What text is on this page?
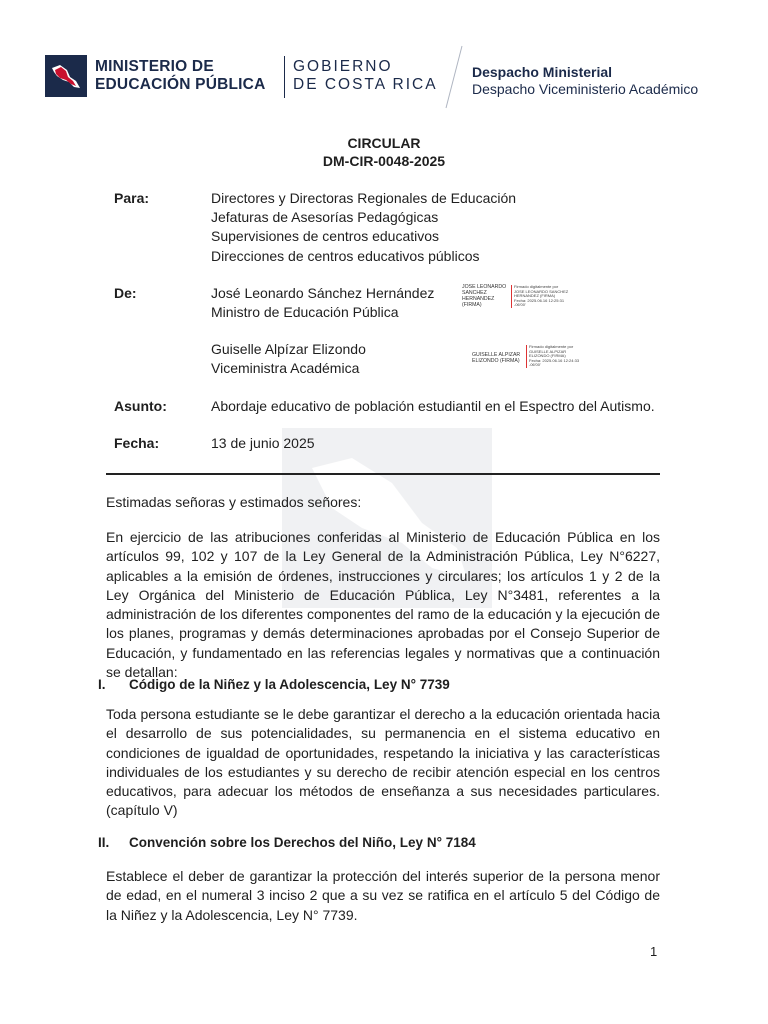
MINISTERIO DE
EDUCACIÓN PÚBLICA
GOBIERNO
DE COSTA RICA
Despacho Ministerial
Despacho Viceministerio Académico
CIRCULAR
DM-CIR-0048-2025
Para:	Directores y Directoras Regionales de Educación
Jefaturas de Asesorías Pedagógicas
Supervisiones de centros educativos
Direcciones de centros educativos públicos
De:	José Leonardo Sánchez Hernández
Ministro de Educación Pública
JOSE LEONARDO
SANCHEZ
HERNANDEZ
(FIRMA)
Firmado digitalmente por
JOSE LEONARDO SANCHEZ
HERNANDEZ (FIRMA)
Fecha: 2025.06.16 12:25:31
-06'00'
Guiselle Alpízar Elizondo
Viceministra Académica
GUISELLE ALPIZAR
ELIZONDO (FIRMA)
Firmado digitalmente por
GUISELLE ALPIZAR
ELIZONDO (FIRMA)
Fecha: 2025.06.16 12:24:33
-06'00'
Asunto:	Abordaje educativo de población estudiantil en el Espectro del Autismo.
Fecha:	13 de junio 2025
Estimadas señoras y estimados señores:
En ejercicio de las atribuciones conferidas al Ministerio de Educación Pública en los artículos 99, 102 y 107 de la Ley General de la Administración Pública, Ley N°6227, aplicables a la emisión de órdenes, instrucciones y circulares; los artículos 1 y 2 de la Ley Orgánica del Ministerio de Educación Pública, Ley N°3481, referentes a la administración de los diferentes componentes del ramo de la educación y la ejecución de los planes, programas y demás determinaciones aprobadas por el Consejo Superior de Educación, y fundamentado en las referencias legales y normativas que a continuación se detallan:
I. Código de la Niñez y la Adolescencia, Ley N° 7739
Toda persona estudiante se le debe garantizar el derecho a la educación orientada hacia el desarrollo de sus potencialidades, su permanencia en el sistema educativo en condiciones de igualdad de oportunidades, respetando la iniciativa y las características individuales de los estudiantes y su derecho de recibir atención especial en los centros educativos, para adecuar los métodos de enseñanza a sus necesidades particulares. (capítulo V)
II. Convención sobre los Derechos del Niño, Ley N° 7184
Establece el deber de garantizar la protección del interés superior de la persona menor de edad, en el numeral 3 inciso 2 que a su vez se ratifica en el artículo 5 del Código de la Niñez y la Adolescencia, Ley N° 7739.
1
